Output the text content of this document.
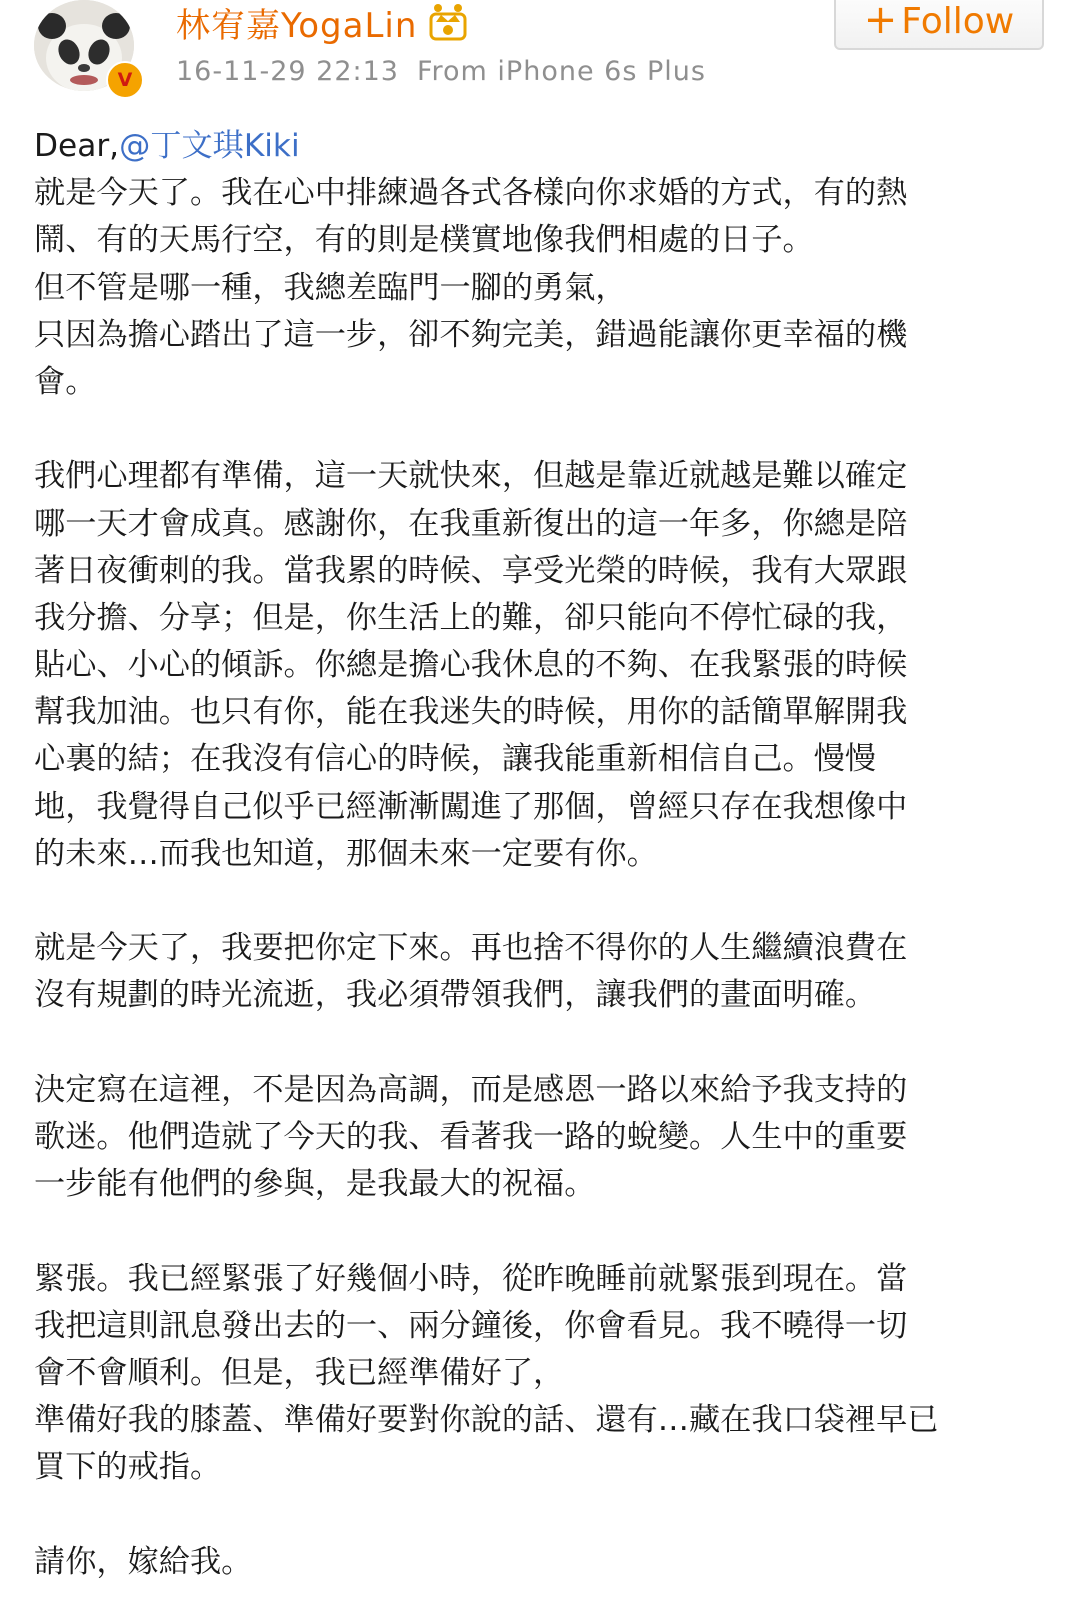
V
林宥嘉YogaLin
16-11-29 22:13 From iPhone 6s Plus
+ Follow
Dear,@丁文琪Kiki
就是今天了。我在心中排練過各式各樣向你求婚的方式，有的熱
鬧、有的天馬行空，有的則是樸實地像我們相處的日子。
但不管是哪一種，我總差臨門一腳的勇氣，
只因為擔心踏出了這一步，卻不夠完美，錯過能讓你更幸福的機
會。
我們心理都有準備，這一天就快來，但越是靠近就越是難以確定
哪一天才會成真。感謝你，在我重新復出的這一年多，你總是陪
著日夜衝刺的我。當我累的時候、享受光榮的時候，我有大眾跟
我分擔、分享；但是，你生活上的難，卻只能向不停忙碌的我，
貼心、小心的傾訴。你總是擔心我休息的不夠、在我緊張的時候
幫我加油。也只有你，能在我迷失的時候，用你的話簡單解開我
心裏的結；在我沒有信心的時候，讓我能重新相信自己。慢慢
地，我覺得自己似乎已經漸漸闖進了那個，曾經只存在我想像中
的未來…而我也知道，那個未來一定要有你。
就是今天了，我要把你定下來。再也捨不得你的人生繼續浪費在
沒有規劃的時光流逝，我必須帶領我們，讓我們的畫面明確。
決定寫在這裡，不是因為高調，而是感恩一路以來給予我支持的
歌迷。他們造就了今天的我、看著我一路的蛻變。人生中的重要
一步能有他們的參與，是我最大的祝福。
緊張。我已經緊張了好幾個小時，從昨晚睡前就緊張到現在。當
我把這則訊息發出去的一、兩分鐘後，你會看見。我不曉得一切
會不會順利。但是，我已經準備好了，
準備好我的膝蓋、準備好要對你說的話、還有…藏在我口袋裡早已
買下的戒指。
請你，嫁給我。
